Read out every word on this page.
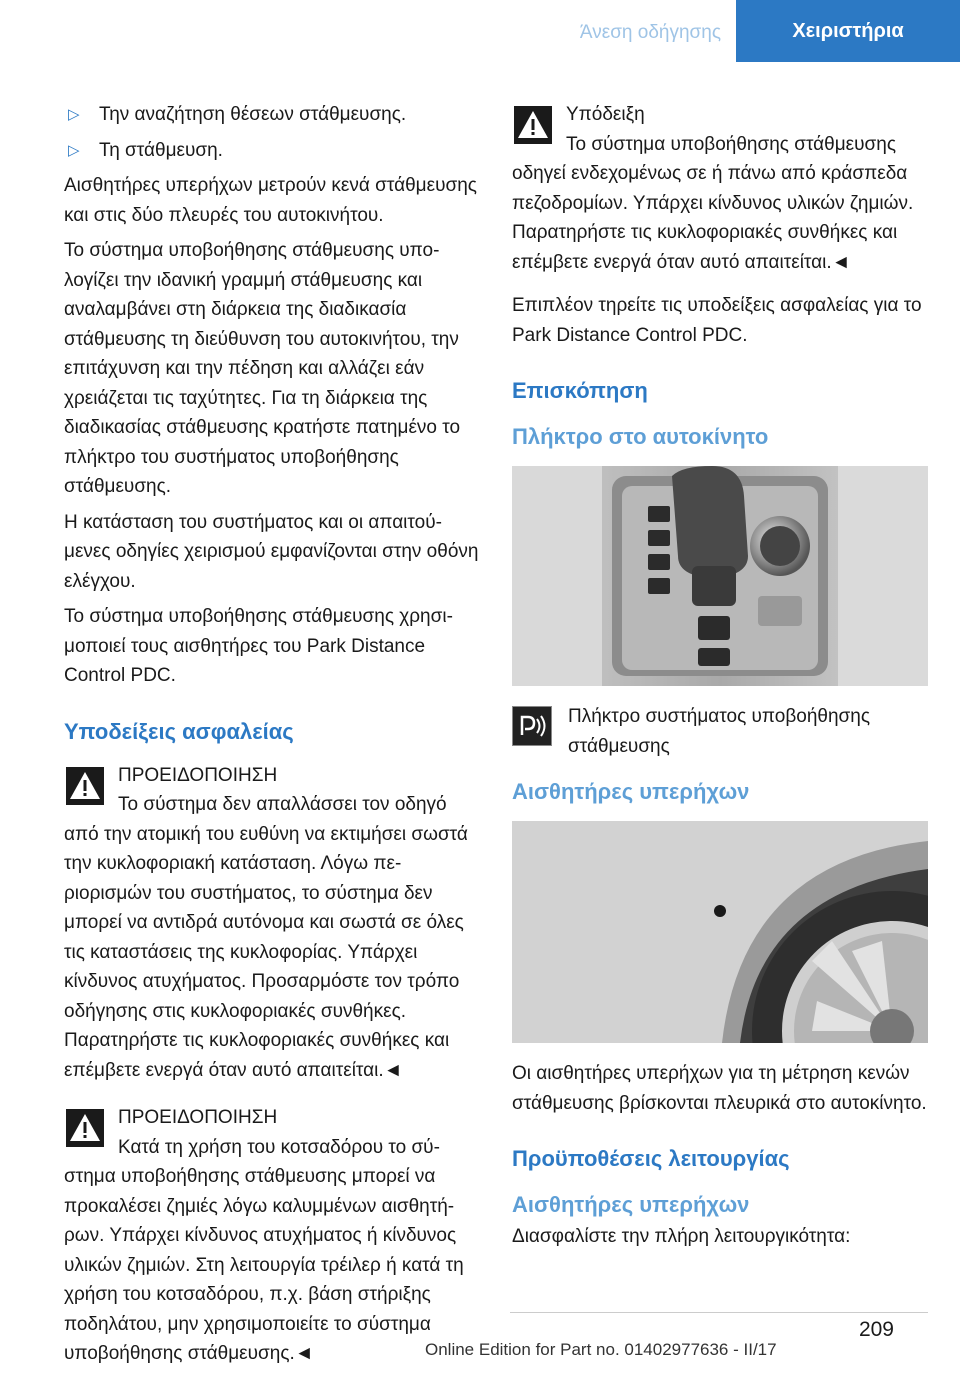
Άνεση οδήγησης	Χειριστήρια

▷ Την αναζήτηση θέσεων στάθμευσης.

▷ Τη στάθμευση.

Αισθητήρες υπερήχων μετρούν κενά στάθμευσης και στις δύο πλευρές του αυτοκινήτου.

Το σύστημα υποβοήθησης στάθμευσης υπολογίζει την ιδανική γραμμή στάθμευσης και αναλαμβάνει στη διάρκεια της διαδικασία στάθμευσης τη διεύθυνση του αυτοκινήτου, την επιτάχυνση και την πέδηση και αλλάζει εάν χρειάζεται τις ταχύτητες. Για τη διάρκεια της διαδικασίας στάθμευσης κρατήστε πατημένο το πλήκτρο του συστήματος υποβοήθησης στάθμευσης.

Η κατάσταση του συστήματος και οι απαιτούμενες οδηγίες χειρισμού εμφανίζονται στην οθόνη ελέγχου.

Το σύστημα υποβοήθησης στάθμευσης χρησιμοποιεί τους αισθητήρες του Park Distance Control PDC.

Υποδείξεις ασφαλείας
ΠΡΟΕΙΔΟΠΟΙΗΣΗ
Το σύστημα δεν απαλλάσσει τον οδηγό από την ατομική του ευθύνη να εκτιμήσει σωστά την κυκλοφοριακή κατάσταση. Λόγω περιορισμών του συστήματος, το σύστημα δεν μπορεί να αντιδρά αυτόνομα και σωστά σε όλες τις καταστάσεις της κυκλοφορίας. Υπάρχει κίνδυνος ατυχήματος. Προσαρμόστε τον τρόπο οδήγησης στις κυκλοφοριακές συνθήκες. Παρατηρήστε τις κυκλοφοριακές συνθήκες και επέμβετε ενεργά όταν αυτό απαιτείται.◄
ΠΡΟΕΙΔΟΠΟΙΗΣΗ
Κατά τη χρήση του κοτσαδόρου το σύστημα υποβοήθησης στάθμευσης μπορεί να προκαλέσει ζημιές λόγω καλυμμένων αισθητήρων. Υπάρχει κίνδυνος ατυχήματος ή κίνδυνος υλικών ζημιών. Στη λειτουργία τρέιλερ ή κατά τη χρήση του κοτσαδόρου, π.χ. βάση στήριξης ποδηλάτου, μην χρησιμοποιείτε το σύστημα υποβοήθησης στάθμευσης.◄
Υπόδειξη
Το σύστημα υποβοήθησης στάθμευσης οδηγεί ενδεχομένως σε ή πάνω από κράσπεδα πεζοδρομίων. Υπάρχει κίνδυνος υλικών ζημιών. Παρατηρήστε τις κυκλοφοριακές συνθήκες και επέμβετε ενεργά όταν αυτό απαιτείται.◄

Επιπλέον τηρείτε τις υποδείξεις ασφαλείας για το Park Distance Control PDC.

Επισκόπηση
Πλήκτρο στο αυτοκίνητο
Πλήκτρο συστήματος υποβοήθησης στάθμευσης
Αισθητήρες υπερήχων

Οι αισθητήρες υπερήχων για τη μέτρηση κενών στάθμευσης βρίσκονται πλευρικά στο αυτοκίνητο.

Προϋποθέσεις λειτουργίας
Αισθητήρες υπερήχων

Διασφαλίστε την πλήρη λειτουργικότητα:

209
Online Edition for Part no. 01402977636 - II/17
